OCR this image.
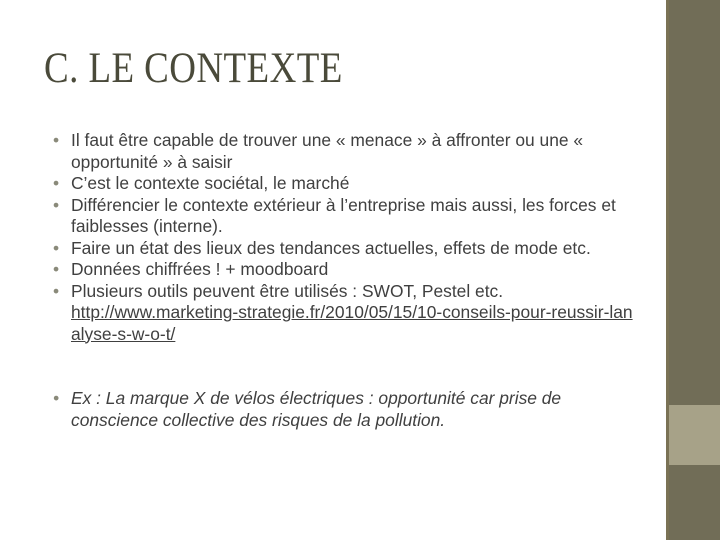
C. LE CONTEXTE
• Il faut être capable de trouver une « menace » à affronter ou une « opportunité » à saisir
• C’est le contexte sociétal, le marché
• Différencier le contexte extérieur à l’entreprise mais aussi, les forces et faiblesses (interne).
• Faire un état des lieux des tendances actuelles, effets de mode etc.
• Données chiffrées ! + moodboard
• Plusieurs outils peuvent être utilisés : SWOT, Pestel etc.
http://www.marketing-strategie.fr/2010/05/15/10-conseils-pour-reussir-lanalyse-s-w-o-t/
• Ex : La marque X de vélos électriques : opportunité car prise de conscience collective des risques de la pollution.
